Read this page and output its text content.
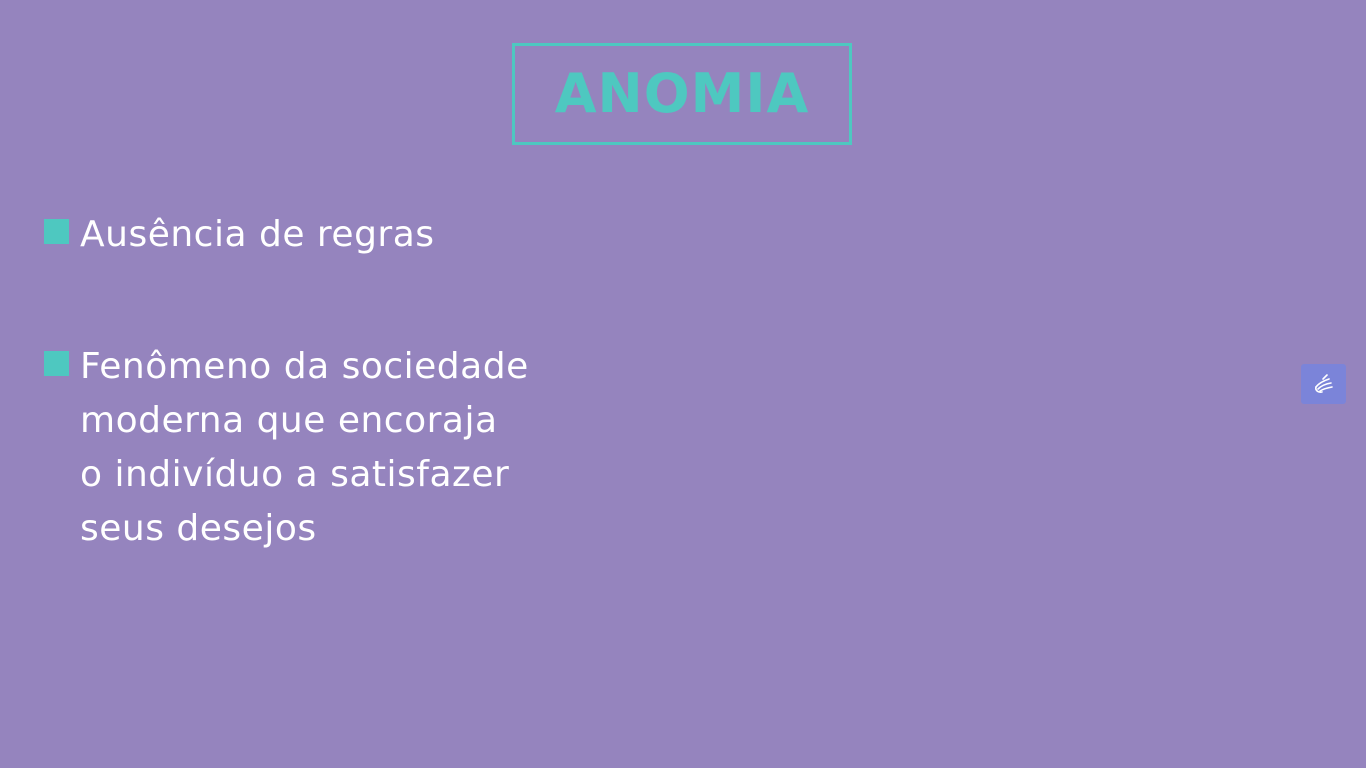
ANOMIA
Ausência de regras
Fenômeno da sociedade
moderna que encoraja
o indivíduo a satisfazer
seus desejos
